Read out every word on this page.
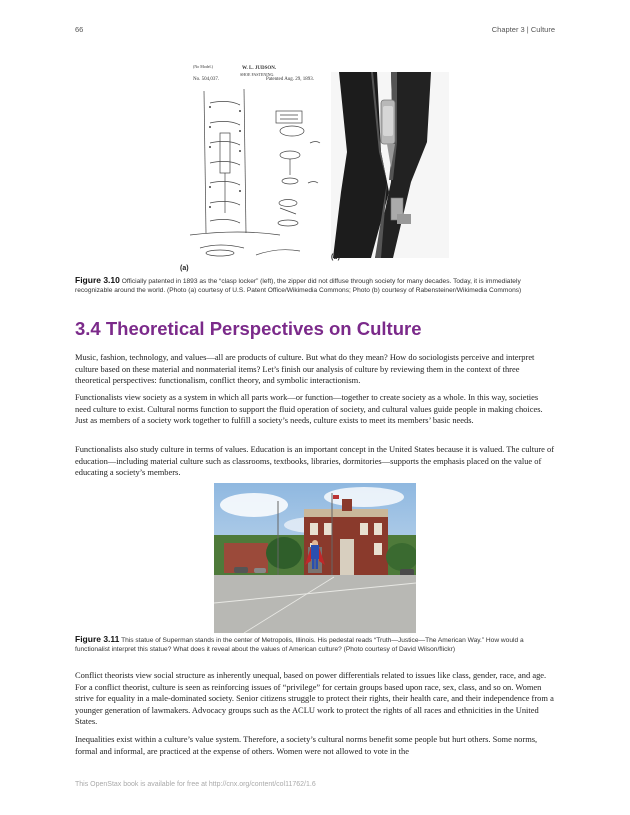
66	Chapter 3 | Culture
(No Model.)	W. L. JUDSON.
SHOE FASTENING.
No. 504,037.	Patented Aug. 29, 1893.
(b)
(a)
Figure 3.10 Officially patented in 1893 as the “clasp locker” (left), the zipper did not diffuse through society for many decades. Today, it is immediately recognizable around the world. (Photo (a) courtesy of U.S. Patent Office/Wikimedia Commons; Photo (b) courtesy of Rabensteiner/Wikimedia Commons)
3.4 Theoretical Perspectives on Culture

Music, fashion, technology, and values—all are products of culture. But what do they mean? How do sociologists perceive and interpret culture based on these material and nonmaterial items? Let’s finish our analysis of culture by reviewing them in the context of three theoretical perspectives: functionalism, conflict theory, and symbolic interactionism.

Functionalists view society as a system in which all parts work—or function—together to create society as a whole. In this way, societies need culture to exist. Cultural norms function to support the fluid operation of society, and cultural values guide people in making choices. Just as members of a society work together to fulfill a society’s needs, culture exists to meet its members’ basic needs.

Functionalists also study culture in terms of values. Education is an important concept in the United States because it is valued. The culture of education—including material culture such as classrooms, textbooks, libraries, dormitories—supports the emphasis placed on the value of educating a society’s members.

Figure 3.11 This statue of Superman stands in the center of Metropolis, Illinois. His pedestal reads “Truth—Justice—The American Way.” How would a functionalist interpret this statue? What does it reveal about the values of American culture? (Photo courtesy of David Wilson/flickr)

Conflict theorists view social structure as inherently unequal, based on power differentials related to issues like class, gender, race, and age. For a conflict theorist, culture is seen as reinforcing issues of “privilege” for certain groups based upon race, sex, class, and so on. Women strive for equality in a male-dominated society. Senior citizens struggle to protect their rights, their health care, and their independence from a younger generation of lawmakers. Advocacy groups such as the ACLU work to protect the rights of all races and ethnicities in the United States.

Inequalities exist within a culture’s value system. Therefore, a society’s cultural norms benefit some people but hurt others. Some norms, formal and informal, are practiced at the expense of others. Women were not allowed to vote in the

This OpenStax book is available for free at http://cnx.org/content/col11762/1.6
